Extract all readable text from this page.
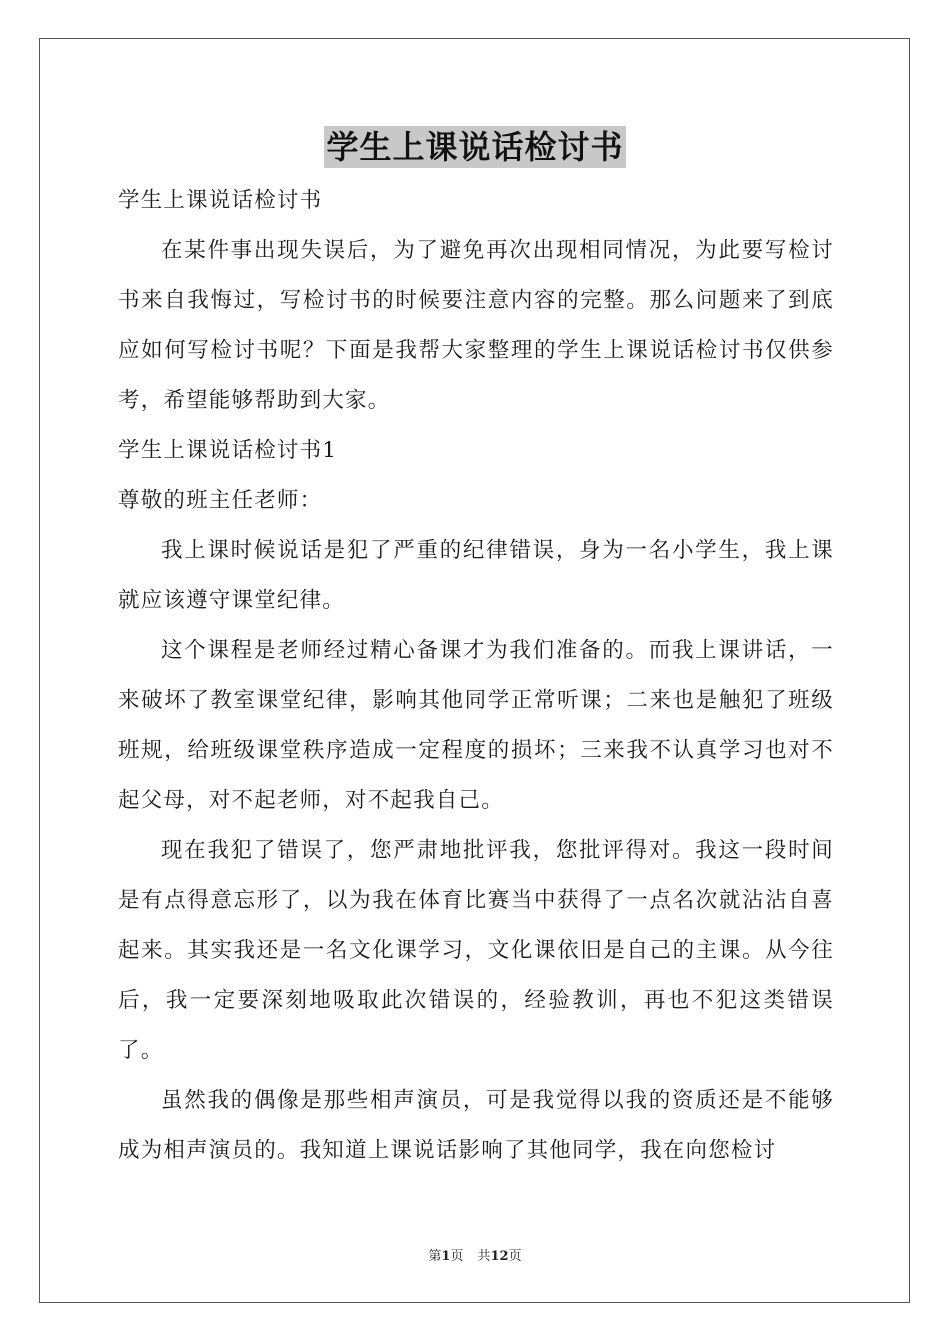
学生上课说话检讨书

学生上课说话检讨书

在某件事出现失误后，为了避免再次出现相同情况，为此要写检讨书来自我悔过，写检讨书的时候要注意内容的完整。那么问题来了到底应如何写检讨书呢？下面是我帮大家整理的学生上课说话检讨书仅供参考，希望能够帮助到大家。

学生上课说话检讨书1

尊敬的班主任老师：

我上课时候说话是犯了严重的纪律错误，身为一名小学生，我上课就应该遵守课堂纪律。

这个课程是老师经过精心备课才为我们准备的。而我上课讲话，一来破坏了教室课堂纪律，影响其他同学正常听课；二来也是触犯了班级班规，给班级课堂秩序造成一定程度的损坏；三来我不认真学习也对不起父母，对不起老师，对不起我自己。

现在我犯了错误了，您严肃地批评我，您批评得对。我这一段时间是有点得意忘形了，以为我在体育比赛当中获得了一点名次就沾沾自喜起来。其实我还是一名文化课学习，文化课依旧是自己的主课。从今往后，我一定要深刻地吸取此次错误的，经验教训，再也不犯这类错误了。

虽然我的偶像是那些相声演员，可是我觉得以我的资质还是不能够成为相声演员的。我知道上课说话影响了其他同学，我在向您检讨

第1页 共12页
